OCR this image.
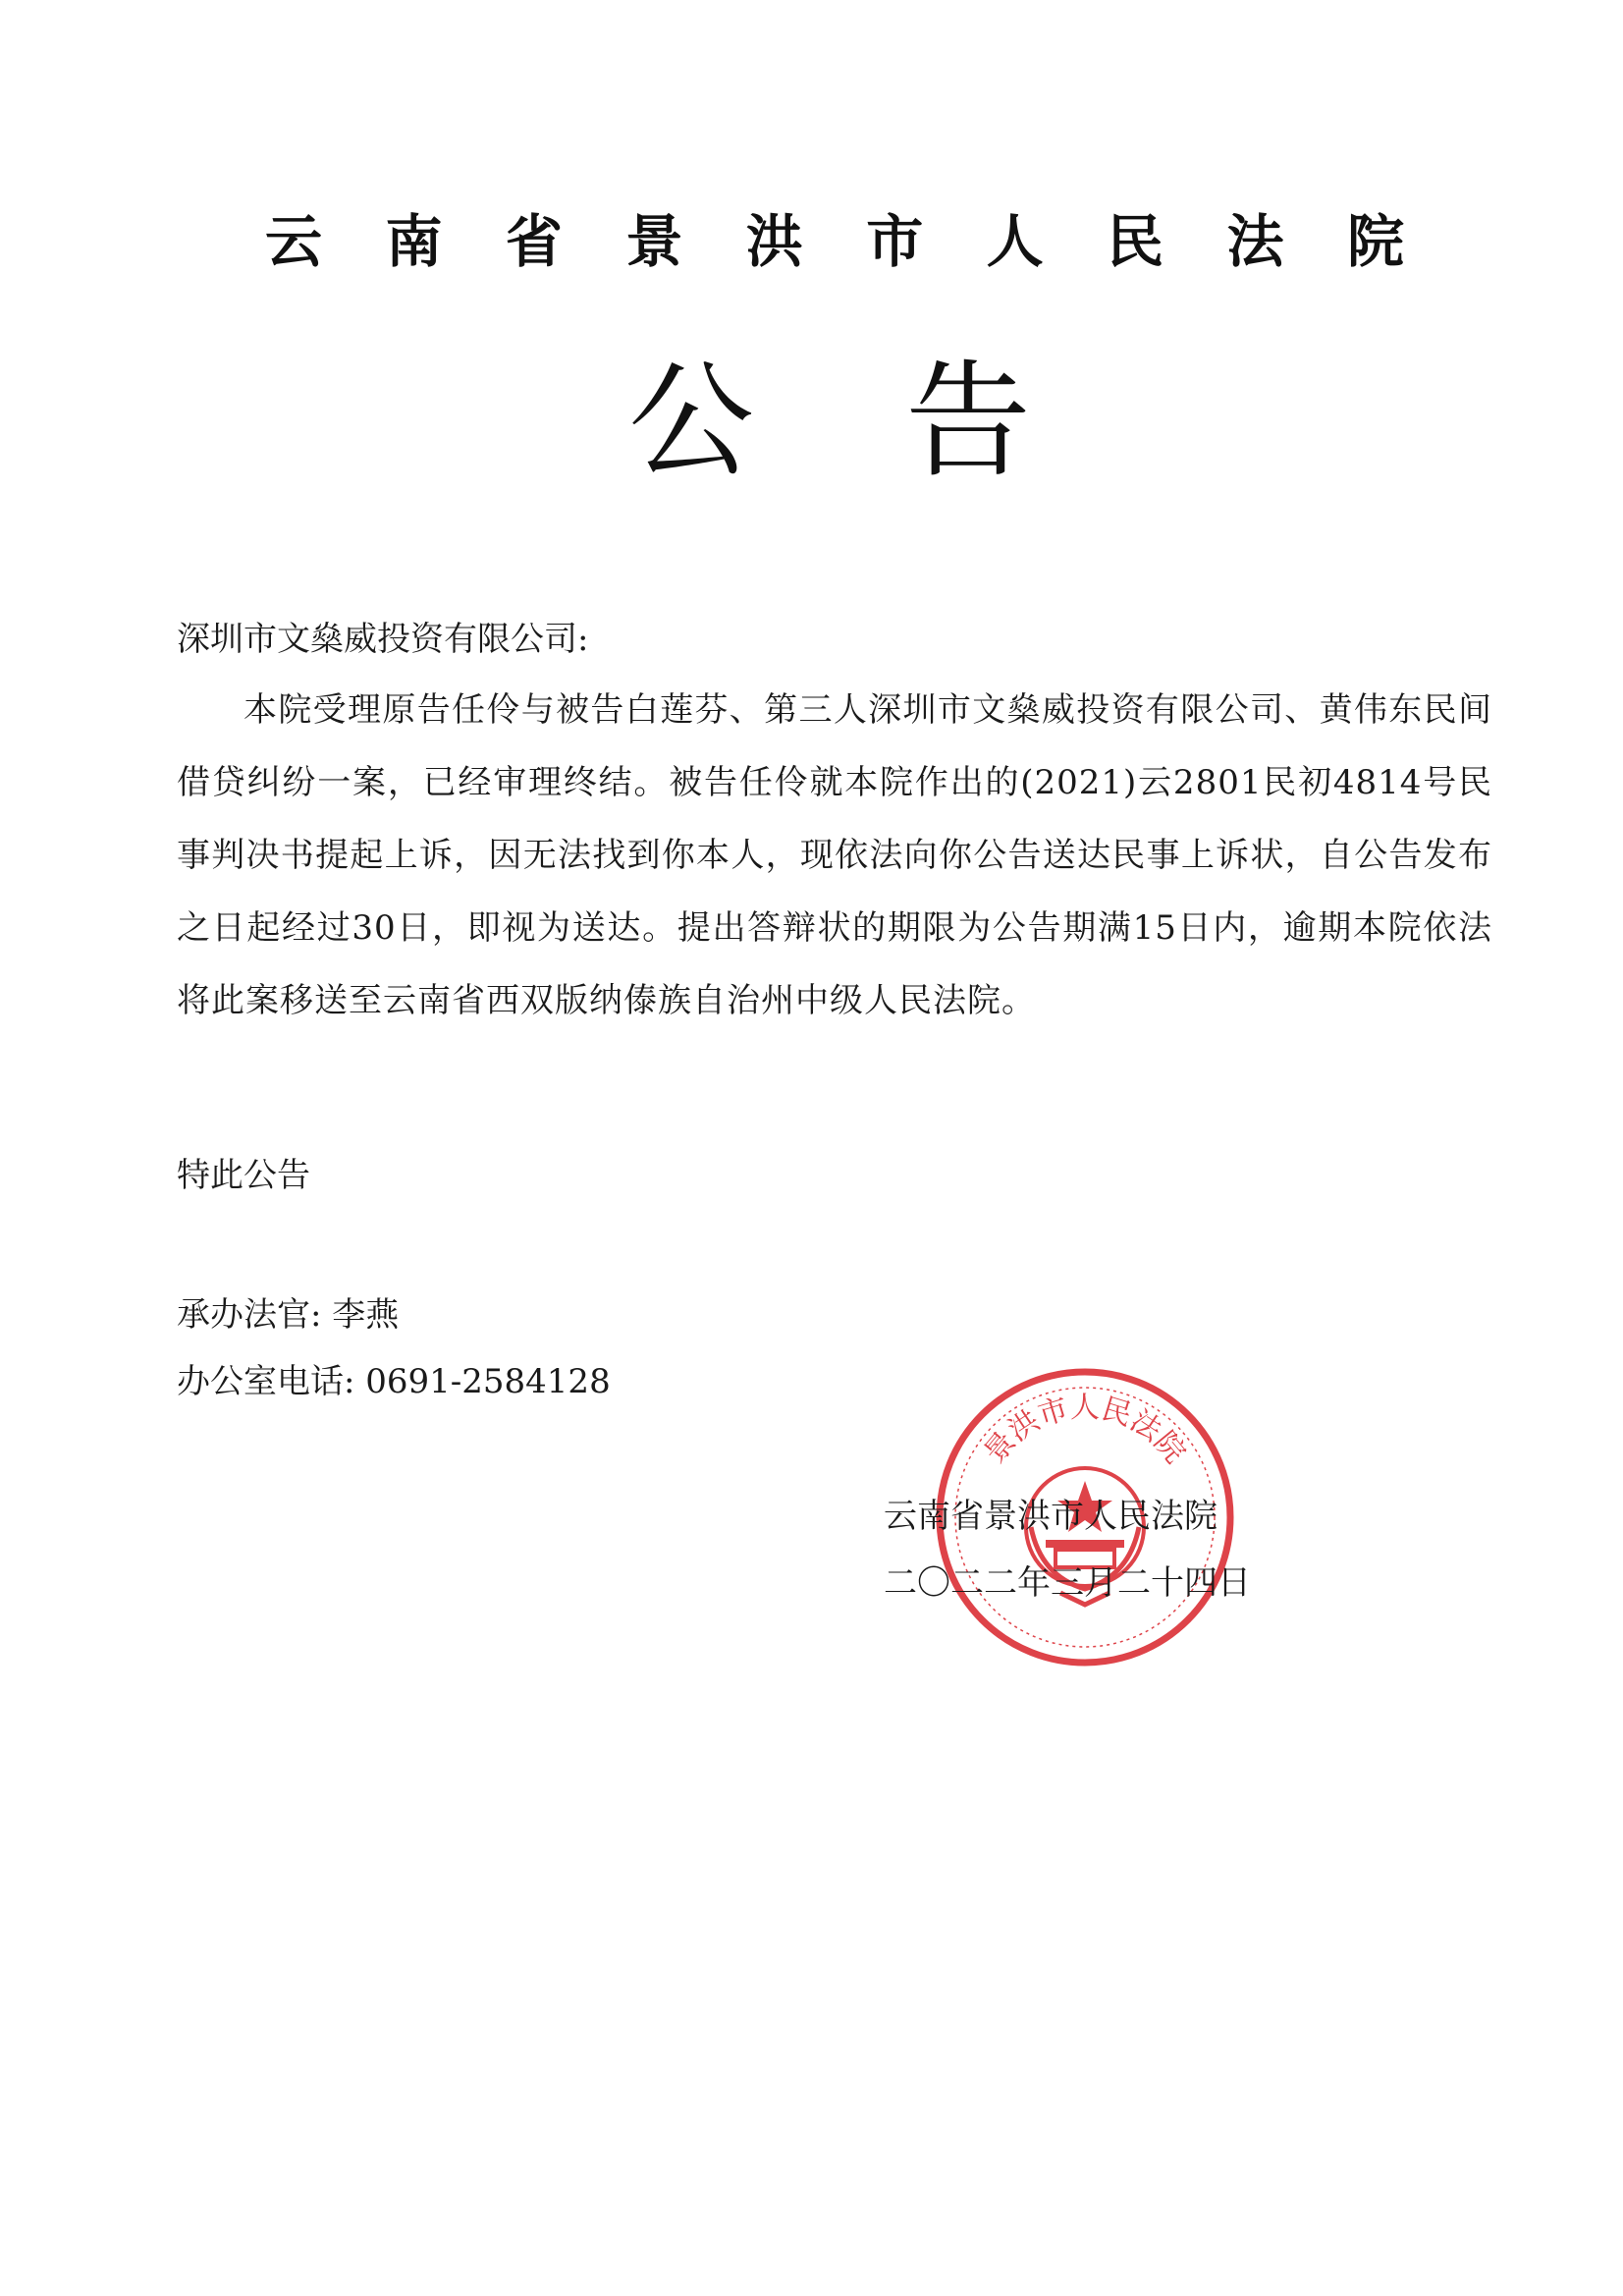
云 南 省 景 洪 市 人 民 法 院
公 告
深圳市文燊威投资有限公司:
本院受理原告任伶与被告白莲芬、第三人深圳市文燊威投资有限公司、黄伟东民间借贷纠纷一案，已经审理终结。被告任伶就本院作出的(2021)云2801民初4814号民事判决书提起上诉，因无法找到你本人，现依法向你公告送达民事上诉状，自公告发布之日起经过30日，即视为送达。提出答辩状的期限为公告期满15日内，逾期本院依法将此案移送至云南省西双版纳傣族自治州中级人民法院。
特此公告
承办法官: 李燕
办公室电话: 0691-2584128
景洪市人民法院
云南省景洪市人民法院
二〇二二年三月二十四日
